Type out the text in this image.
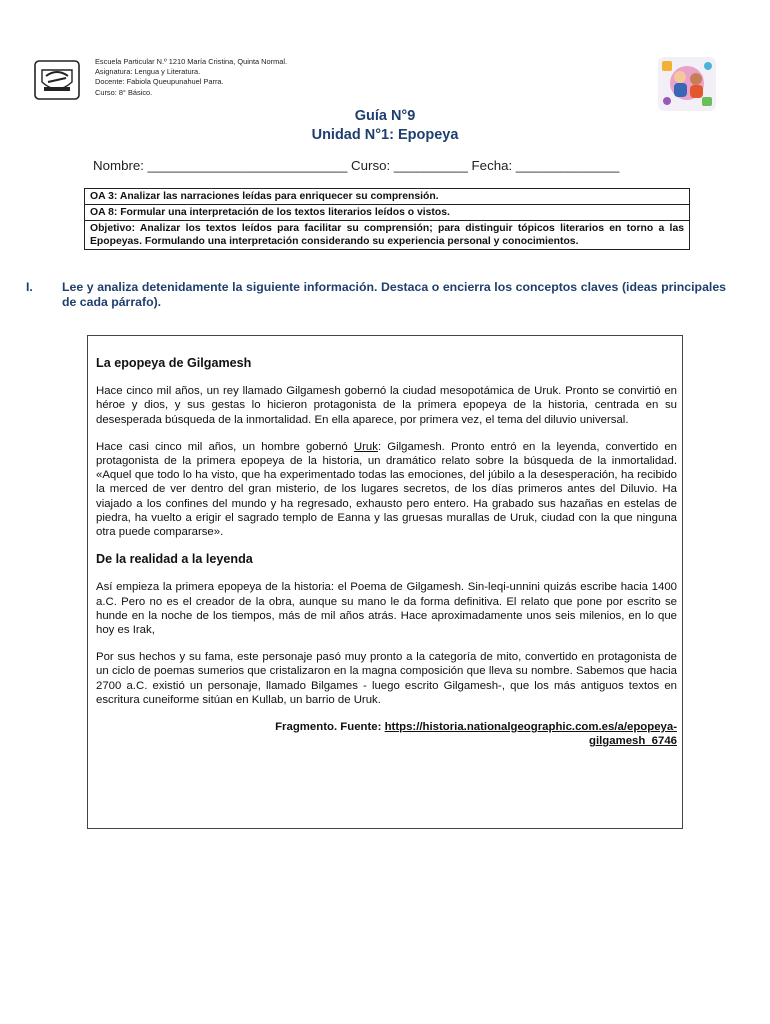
Escuela Particular N.º 1210 María Cristina, Quinta Normal.
Asignatura: Lengua y Literatura.
Docente: Fabiola Queupunahuel Parra.
Curso: 8° Básico.
Guía N°9
Unidad N°1: Epopeya
Nombre: ___________________________ Curso: __________ Fecha: ______________
OA 3: Analizar las narraciones leídas para enriquecer su comprensión.
OA 8: Formular una interpretación de los textos literarios leídos o vistos.
Objetivo: Analizar los textos leídos para facilitar su comprensión; para distinguir tópicos literarios en torno a las Epopeyas. Formulando una interpretación considerando su experiencia personal y conocimientos.
I. Lee y analiza detenidamente la siguiente información. Destaca o encierra los conceptos claves (ideas principales de cada párrafo).
La epopeya de Gilgamesh
Hace cinco mil años, un rey llamado Gilgamesh gobernó la ciudad mesopotámica de Uruk. Pronto se convirtió en héroe y dios, y sus gestas lo hicieron protagonista de la primera epopeya de la historia, centrada en su desesperada búsqueda de la inmortalidad. En ella aparece, por primera vez, el tema del diluvio universal.
Hace casi cinco mil años, un hombre gobernó Uruk: Gilgamesh. Pronto entró en la leyenda, convertido en protagonista de la primera epopeya de la historia, un dramático relato sobre la búsqueda de la inmortalidad. «Aquel que todo lo ha visto, que ha experimentado todas las emociones, del júbilo a la desesperación, ha recibido la merced de ver dentro del gran misterio, de los lugares secretos, de los días primeros antes del Diluvio. Ha viajado a los confines del mundo y ha regresado, exhausto pero entero. Ha grabado sus hazañas en estelas de piedra, ha vuelto a erigir el sagrado templo de Eanna y las gruesas murallas de Uruk, ciudad con la que ninguna otra puede compararse».
De la realidad a la leyenda
Así empieza la primera epopeya de la historia: el Poema de Gilgamesh. Sin-leqi-unnini quizás escribe hacia 1400 a.C. Pero no es el creador de la obra, aunque su mano le da forma definitiva. El relato que pone por escrito se hunde en la noche de los tiempos, más de mil años atrás. Hace aproximadamente unos seis milenios, en lo que hoy es Irak,
Por sus hechos y su fama, este personaje pasó muy pronto a la categoría de mito, convertido en protagonista de un ciclo de poemas sumerios que cristalizaron en la magna composición que lleva su nombre. Sabemos que hacia 2700 a.C. existió un personaje, llamado Bilgames - luego escrito Gilgamesh-, que los más antiguos textos en escritura cuneiforme sitúan en Kullab, un barrio de Uruk.
Fragmento. Fuente: https://historia.nationalgeographic.com.es/a/epopeya-
gilgamesh_6746
